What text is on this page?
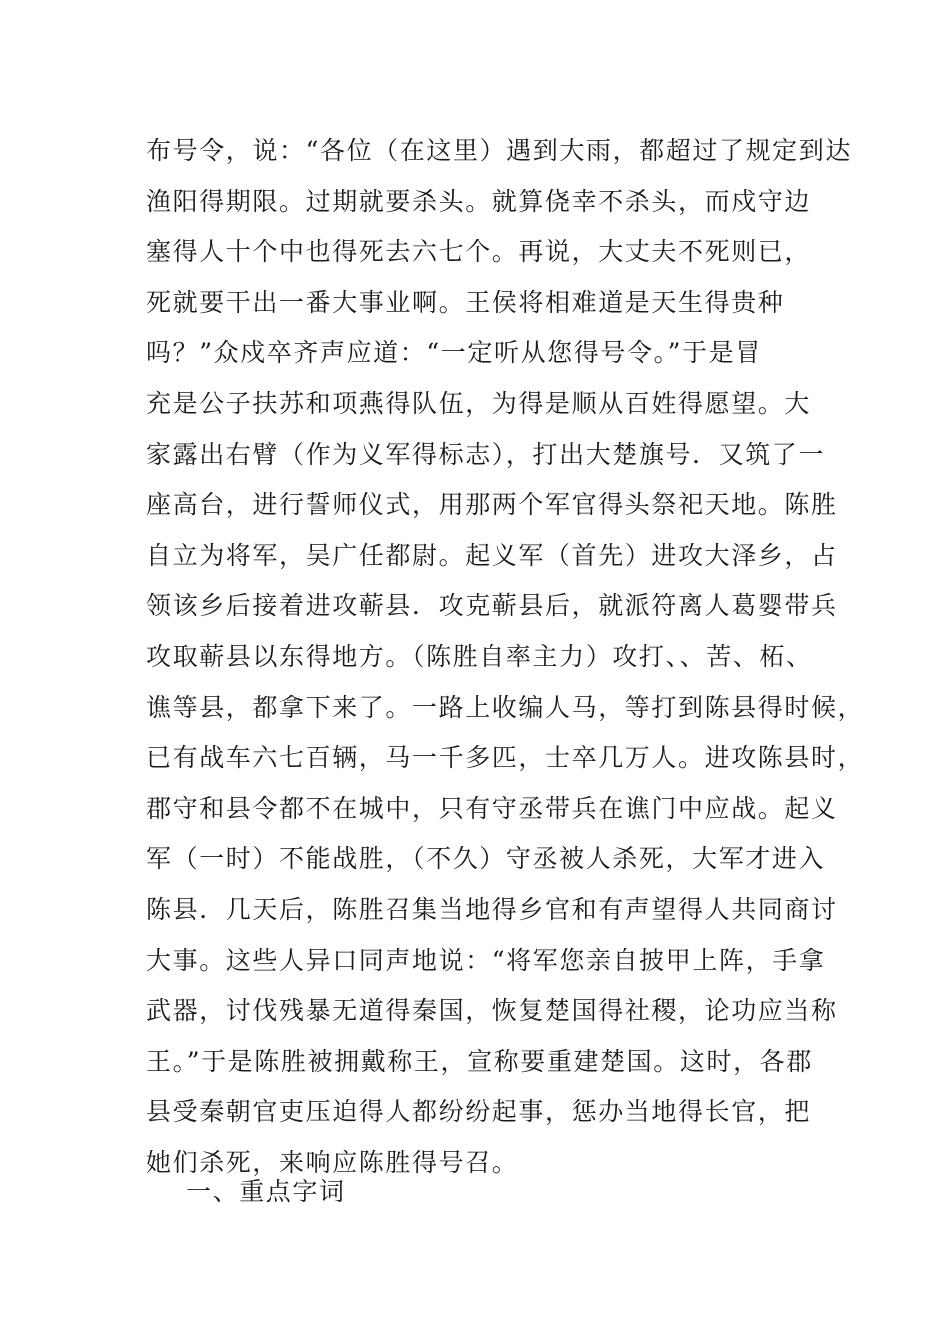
布号令，说：“各位（在这里）遇到大雨，都超过了规定到达
渔阳得期限。过期就要杀头。就算侥幸不杀头，而戍守边
塞得人十个中也得死去六七个。再说，大丈夫不死则已，
死就要干出一番大事业啊。王侯将相难道是天生得贵种
吗？”众戍卒齐声应道：“一定听从您得号令。”于是冒
充是公子扶苏和项燕得队伍，为得是顺从百姓得愿望。大
家露出右臂（作为义军得标志），打出大楚旗号．又筑了一
座高台，进行誓师仪式，用那两个军官得头祭祀天地。陈胜
自立为将军，吴广任都尉。起义军（首先）进攻大泽乡，占
领该乡后接着进攻蕲县．攻克蕲县后，就派符离人葛婴带兵
攻取蕲县以东得地方。（陈胜自率主力）攻打、、苦、柘、
谯等县，都拿下来了。一路上收编人马，等打到陈县得时候，
已有战车六七百辆，马一千多匹，士卒几万人。进攻陈县时，
郡守和县令都不在城中，只有守丞带兵在谯门中应战。起义
军（一时）不能战胜，（不久）守丞被人杀死，大军才进入
陈县．几天后，陈胜召集当地得乡官和有声望得人共同商讨
大事。这些人异口同声地说：“将军您亲自披甲上阵，手拿
武器，讨伐残暴无道得秦国，恢复楚国得社稷，论功应当称
王。”于是陈胜被拥戴称王，宣称要重建楚国。这时，各郡
县受秦朝官吏压迫得人都纷纷起事，惩办当地得长官，把
她们杀死，来响应陈胜得号召。
一、重点字词
